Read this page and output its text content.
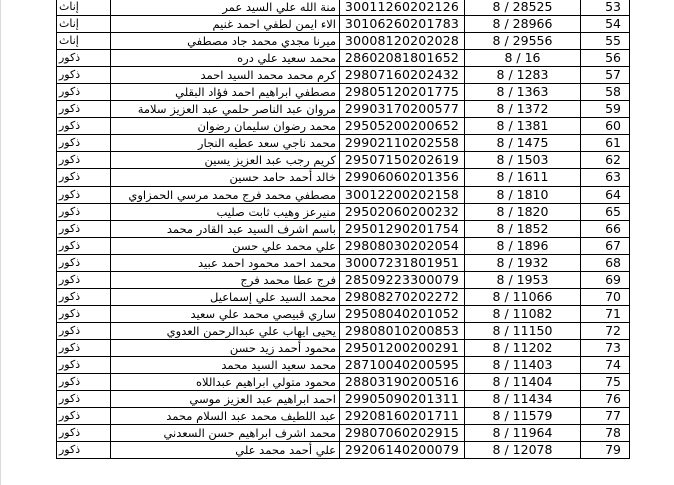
إناث	منة الله علي السيد عمر	30011260202126	8 / 28525	53
إناث	الاء ايمن لطفي احمد غنيم	30106260201783	8 / 28966	54
إناث	ميرنا مجدي محمد جاد مصطفي	30008120202028	8 / 29556	55
ذكور	محمد سعيد علي دره	28602081801652	8 / 16	56
ذكور	كرم محمد محمد السيد احمد	29807160202432	8 / 1283	57
ذكور	مصطفي ابراهيم احمد فؤاد البقلي	29805120201775	8 / 1363	58
ذكور	مروان عبد الناصر حلمي عبد العزيز سلامة	29903170200577	8 / 1372	59
ذكور	محمد رضوان سليمان رضوان	29505200200652	8 / 1381	60
ذكور	محمد ناجي سعد عطيه النجار	29902110202558	8 / 1475	61
ذكور	كريم رجب عبد العزيز يسين	29507150202619	8 / 1503	62
ذكور	خالد أحمد حامد حسين	29906060201356	8 / 1611	63
ذكور	مصطفي محمد فرج محمد مرسي الحمزاوي	30012200202158	8 / 1810	64
ذكور	منيرعز وهيب ثابت صليب	29502060200232	8 / 1820	65
ذكور	باسم اشرف السيد عبد القادر محمد	29501290201754	8 / 1852	66
ذكور	علي محمد علي حسن	29808030202054	8 / 1896	67
ذكور	محمد احمد محمود احمد عبيد	30007231801951	8 / 1932	68
ذكور	فرج عطا محمد فرج	28509223300079	8 / 1953	69
ذكور	محمد السيد علي إسماعيل	29808270202272	8 / 11066	70
ذكور	ساري قبيصي محمد علي سعيد	29508040201052	8 / 11082	71
ذكور	يحيى ايهاب علي عبدالرحمن العدوي	29808010200853	8 / 11150	72
ذكور	محمود أحمد زيد حسن	29501200200291	8 / 11202	73
ذكور	محمد سعيد السيد محمد	28710040200595	8 / 11403	74
ذكور	محمود متولي ابراهيم عبداللاه	28803190200516	8 / 11404	75
ذكور	احمد ابراهيم عبد العزيز موسي	29905090201311	8 / 11434	76
ذكور	عبد اللطيف محمد عبد السلام محمد	29208160201711	8 / 11579	77
ذكور	محمد اشرف ابراهيم حسن السعدني	29807060202915	8 / 11964	78
ذكور	علي أحمد محمد علي	29206140200079	8 / 12078	79
